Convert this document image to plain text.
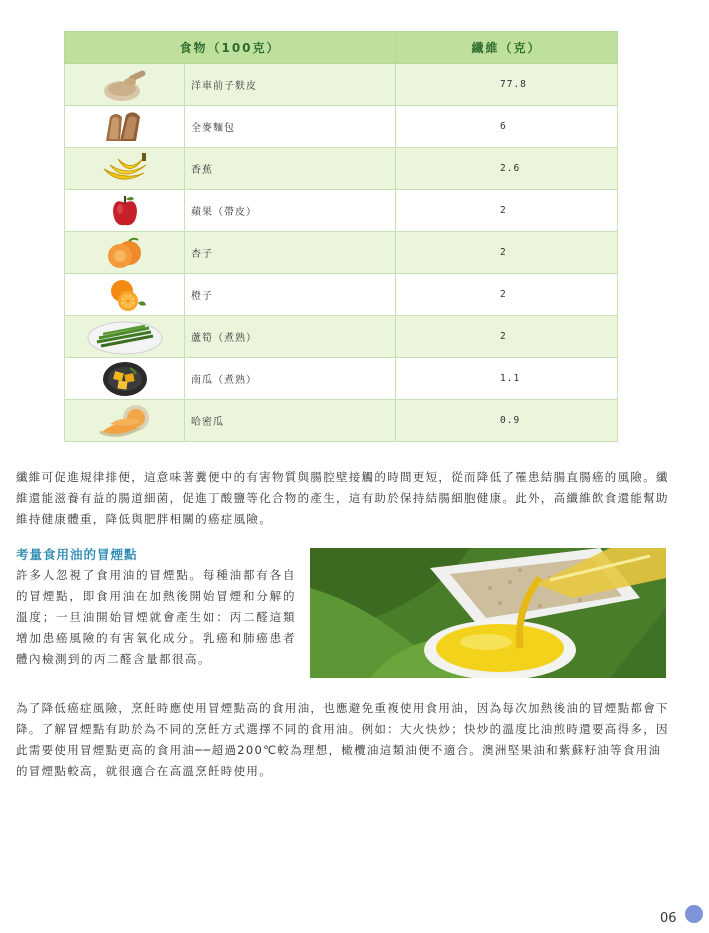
食物（100克）		纖維（克）
	洋車前子麩皮	77.8
	全麥麵包	6
	香蕉	2.6
	蘋果（帶皮）	2
	杏子	2
	橙子	2
	蘆筍（煮熟）	2
	南瓜（煮熟）	1.1
	哈密瓜	0.9

纖維可促進規律排便，這意味著糞便中的有害物質與腸腔壁接觸的時間更短，從而降低了罹患結腸直腸癌的風險。纖維還能滋養有益的腸道細菌，促進丁酸鹽等化合物的產生，這有助於保持結腸細胞健康。此外，高纖維飲食還能幫助維持健康體重，降低與肥胖相關的癌症風險。

考量食用油的冒煙點

許多人忽視了食用油的冒煙點。每種油都有各自的冒煙點，即食用油在加熱後開始冒煙和分解的溫度；一旦油開始冒煙就會產生如：丙二醛這類增加患癌風險的有害氧化成分。乳癌和肺癌患者體內檢測到的丙二醛含量都很高。

為了降低癌症風險，烹飪時應使用冒煙點高的食用油，也應避免重複使用食用油，因為每次加熱後油的冒煙點都會下降。了解冒煙點有助於為不同的烹飪方式選擇不同的食用油。例如：大火快炒；快炒的溫度比油煎時還要高得多，因此需要使用冒煙點更高的食用油──超過200℃較為理想，橄欖油這類油便不適合。澳洲堅果油和紫蘇籽油等食用油的冒煙點較高，就很適合在高溫烹飪時使用。

06
